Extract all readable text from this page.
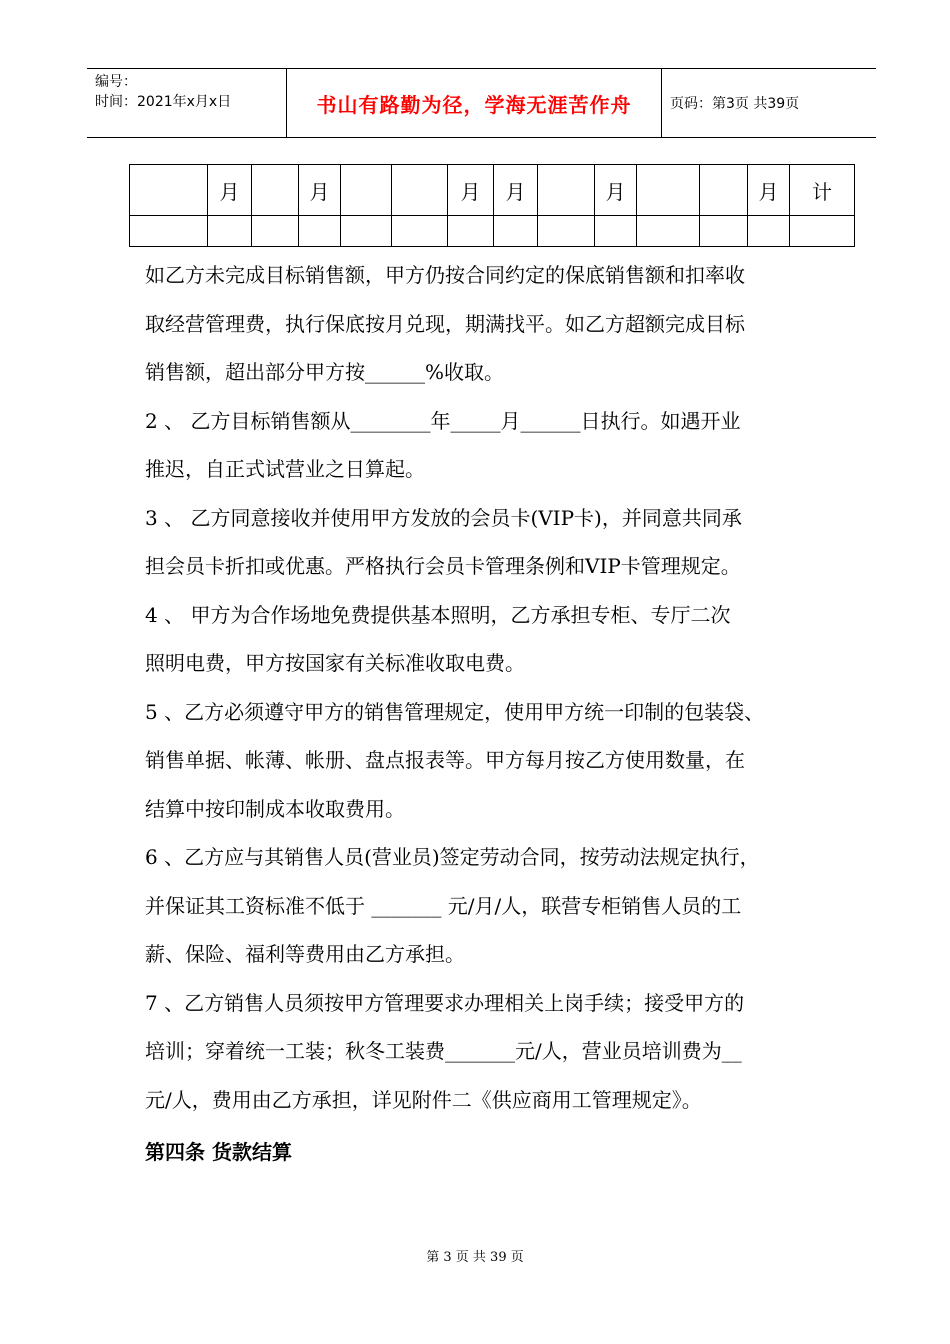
编号：
时间：2021年x月x日	书山有路勤为径，学海无涯苦作舟	页码：第3页 共39页
	月		月			月	月		月			月	计

如乙方未完成目标销售额，甲方仍按合同约定的保底销售额和扣率收

取经营管理费，执行保底按月兑现，期满找平。如乙方超额完成目标

销售额，超出部分甲方按______%收取。

2 、 乙方目标销售额从________年_____月______日执行。如遇开业

推迟，自正式试营业之日算起。

3 、 乙方同意接收并使用甲方发放的会员卡(VIP卡)，并同意共同承

担会员卡折扣或优惠。严格执行会员卡管理条例和VIP卡管理规定。

4 、 甲方为合作场地免费提供基本照明，乙方承担专柜、专厅二次

照明电费，甲方按国家有关标准收取电费。

5 、乙方必须遵守甲方的销售管理规定，使用甲方统一印制的包装袋、

销售单据、帐薄、帐册、盘点报表等。甲方每月按乙方使用数量，在

结算中按印制成本收取费用。

6 、乙方应与其销售人员(营业员)签定劳动合同，按劳动法规定执行，

并保证其工资标准不低于 _______ 元/月/人，联营专柜销售人员的工

薪、保险、福利等费用由乙方承担。

7 、乙方销售人员须按甲方管理要求办理相关上岗手续；接受甲方的

培训；穿着统一工装；秋冬工装费_______元/人，营业员培训费为__

元/人，费用由乙方承担，详见附件二《供应商用工管理规定》。

第四条 货款结算

第 3 页 共 39 页
